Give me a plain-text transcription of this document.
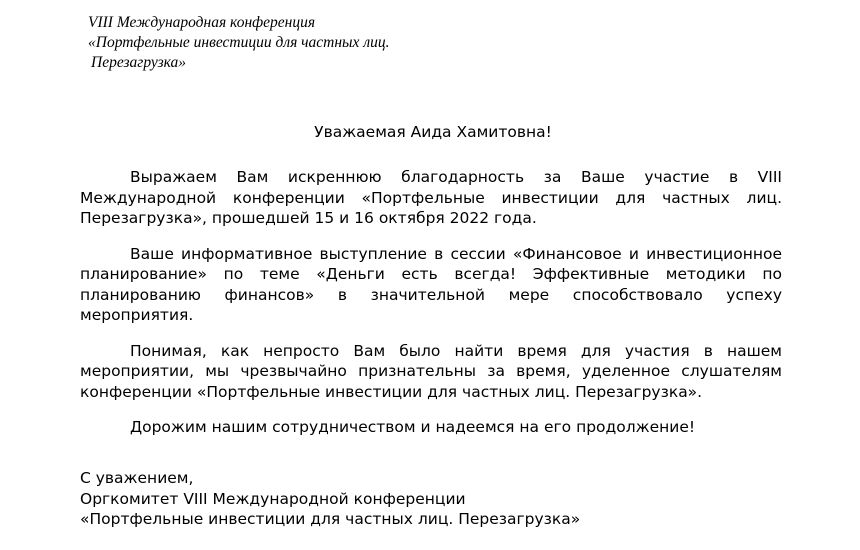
VIII Международная конференция
«Портфельные инвестиции для частных лиц.
Перезагрузка»
Уважаемая Аида Хамитовна!

Выражаем Вам искреннюю благодарность за Ваше участие в VIII Международной конференции «Портфельные инвестиции для частных лиц. Перезагрузка», прошедшей 15 и 16 октября 2022 года.

Ваше информативное выступление в сессии «Финансовое и инвестиционное планирование» по теме «Деньги есть всегда! Эффективные методики по планированию финансов» в значительной мере способствовало успеху мероприятия.

Понимая, как непросто Вам было найти время для участия в нашем мероприятии, мы чрезвычайно признательны за время, уделенное слушателям конференции «Портфельные инвестиции для частных лиц. Перезагрузка».

Дорожим нашим сотрудничеством и надеемся на его продолжение!

С уважением,
Оргкомитет VIII Международной конференции
«Портфельные инвестиции для частных лиц. Перезагрузка»
